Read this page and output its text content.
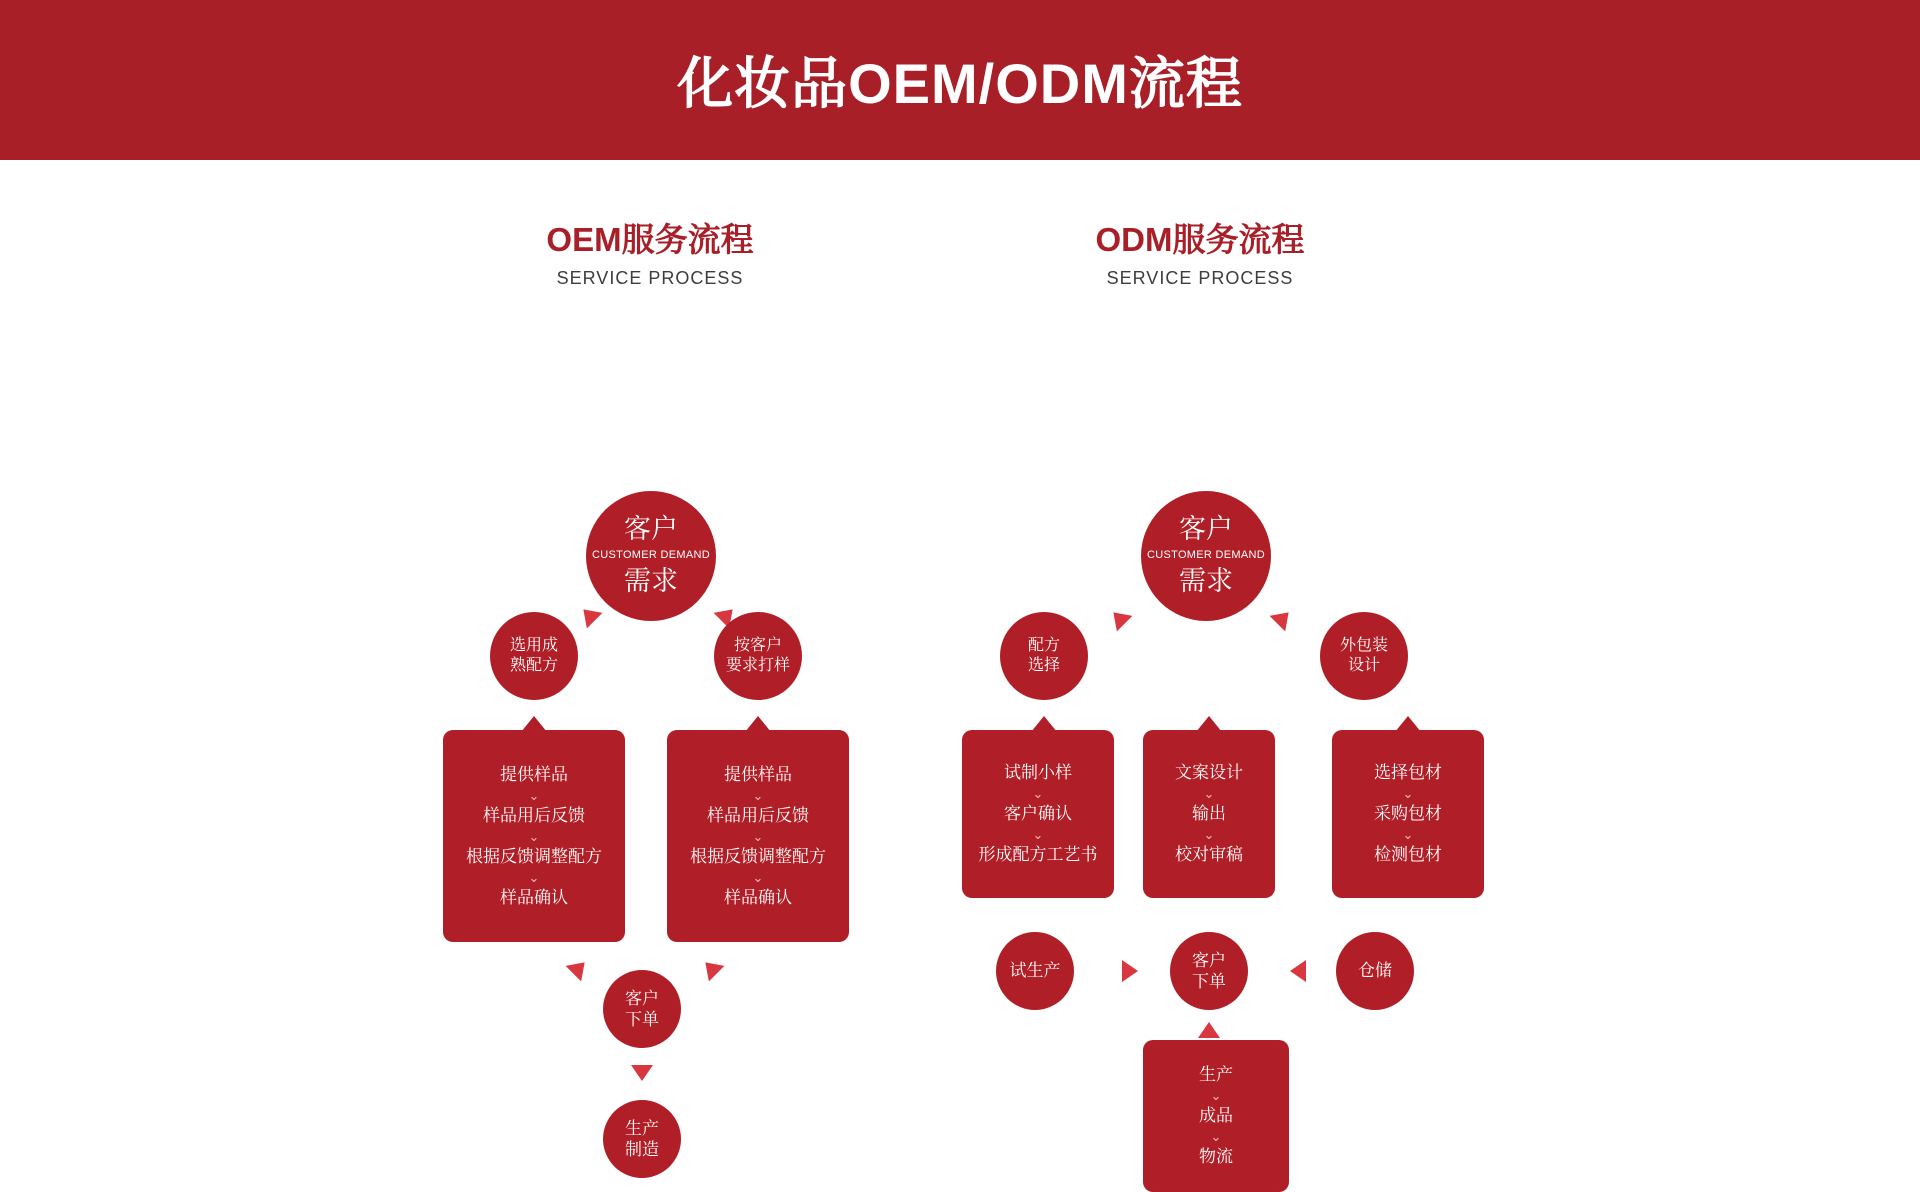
化妆品OEM/ODM流程
OEM服务流程
SERVICE PROCESS
ODM服务流程
SERVICE PROCESS
客户
CUSTOMER DEMAND
需求
选用成
熟配方
按客户
要求打样
提供样品
⌄
样品用后反馈
⌄
根据反馈调整配方
⌄
样品确认
提供样品
⌄
样品用后反馈
⌄
根据反馈调整配方
⌄
样品确认
客户
下单
生产
制造
客户
CUSTOMER DEMAND
需求
配方
选择
外包装
设计
试制小样
⌄
客户确认
⌄
形成配方工艺书
文案设计
⌄
输出
⌄
校对审稿
选择包材
⌄
采购包材
⌄
检测包材
试生产
客户
下单
仓储
生产
⌄
成品
⌄
物流
